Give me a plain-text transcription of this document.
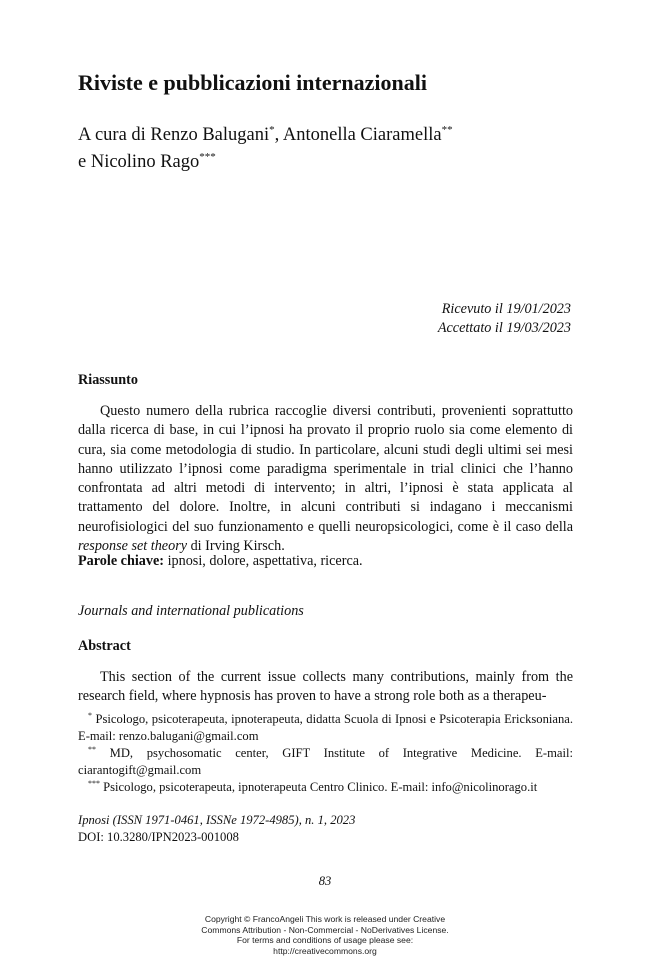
Riviste e pubblicazioni internazionali
A cura di Renzo Balugani*, Antonella Ciaramella**
e Nicolino Rago***
Ricevuto il 19/01/2023
Accettato il 19/03/2023
Riassunto
Questo numero della rubrica raccoglie diversi contributi, provenienti soprattutto dalla ricerca di base, in cui l’ipnosi ha provato il proprio ruolo sia come elemento di cura, sia come metodologia di studio. In particolare, alcuni studi degli ultimi sei mesi hanno utilizzato l’ipnosi come paradigma sperimentale in trial clinici che l’hanno confrontata ad altri metodi di intervento; in altri, l’ipnosi è stata applicata al trattamento del dolore. Inoltre, in alcuni contributi si indagano i meccanismi neurofisiologici del suo funzionamento e quelli neuropsicologici, come è il caso della response set theory di Irving Kirsch.
Parole chiave: ipnosi, dolore, aspettativa, ricerca.
Journals and international publications
Abstract
This section of the current issue collects many contributions, mainly from the research field, where hypnosis has proven to have a strong role both as a therapeu-
* Psicologo, psicoterapeuta, ipnoterapeuta, didatta Scuola di Ipnosi e Psicoterapia Ericksoniana. E-mail: renzo.balugani@gmail.com
** MD, psychosomatic center, GIFT Institute of Integrative Medicine. E-mail: ciarantogift@gmail.com
*** Psicologo, psicoterapeuta, ipnoterapeuta Centro Clinico. E-mail: info@nicolinorago.it
Ipnosi (ISSN 1971-0461, ISSNe 1972-4985), n. 1, 2023
DOI: 10.3280/IPN2023-001008
83
Copyright © FrancoAngeli This work is released under Creative
Commons Attribution - Non-Commercial - NoDerivatives License.
For terms and conditions of usage please see:
http://creativecommons.org
